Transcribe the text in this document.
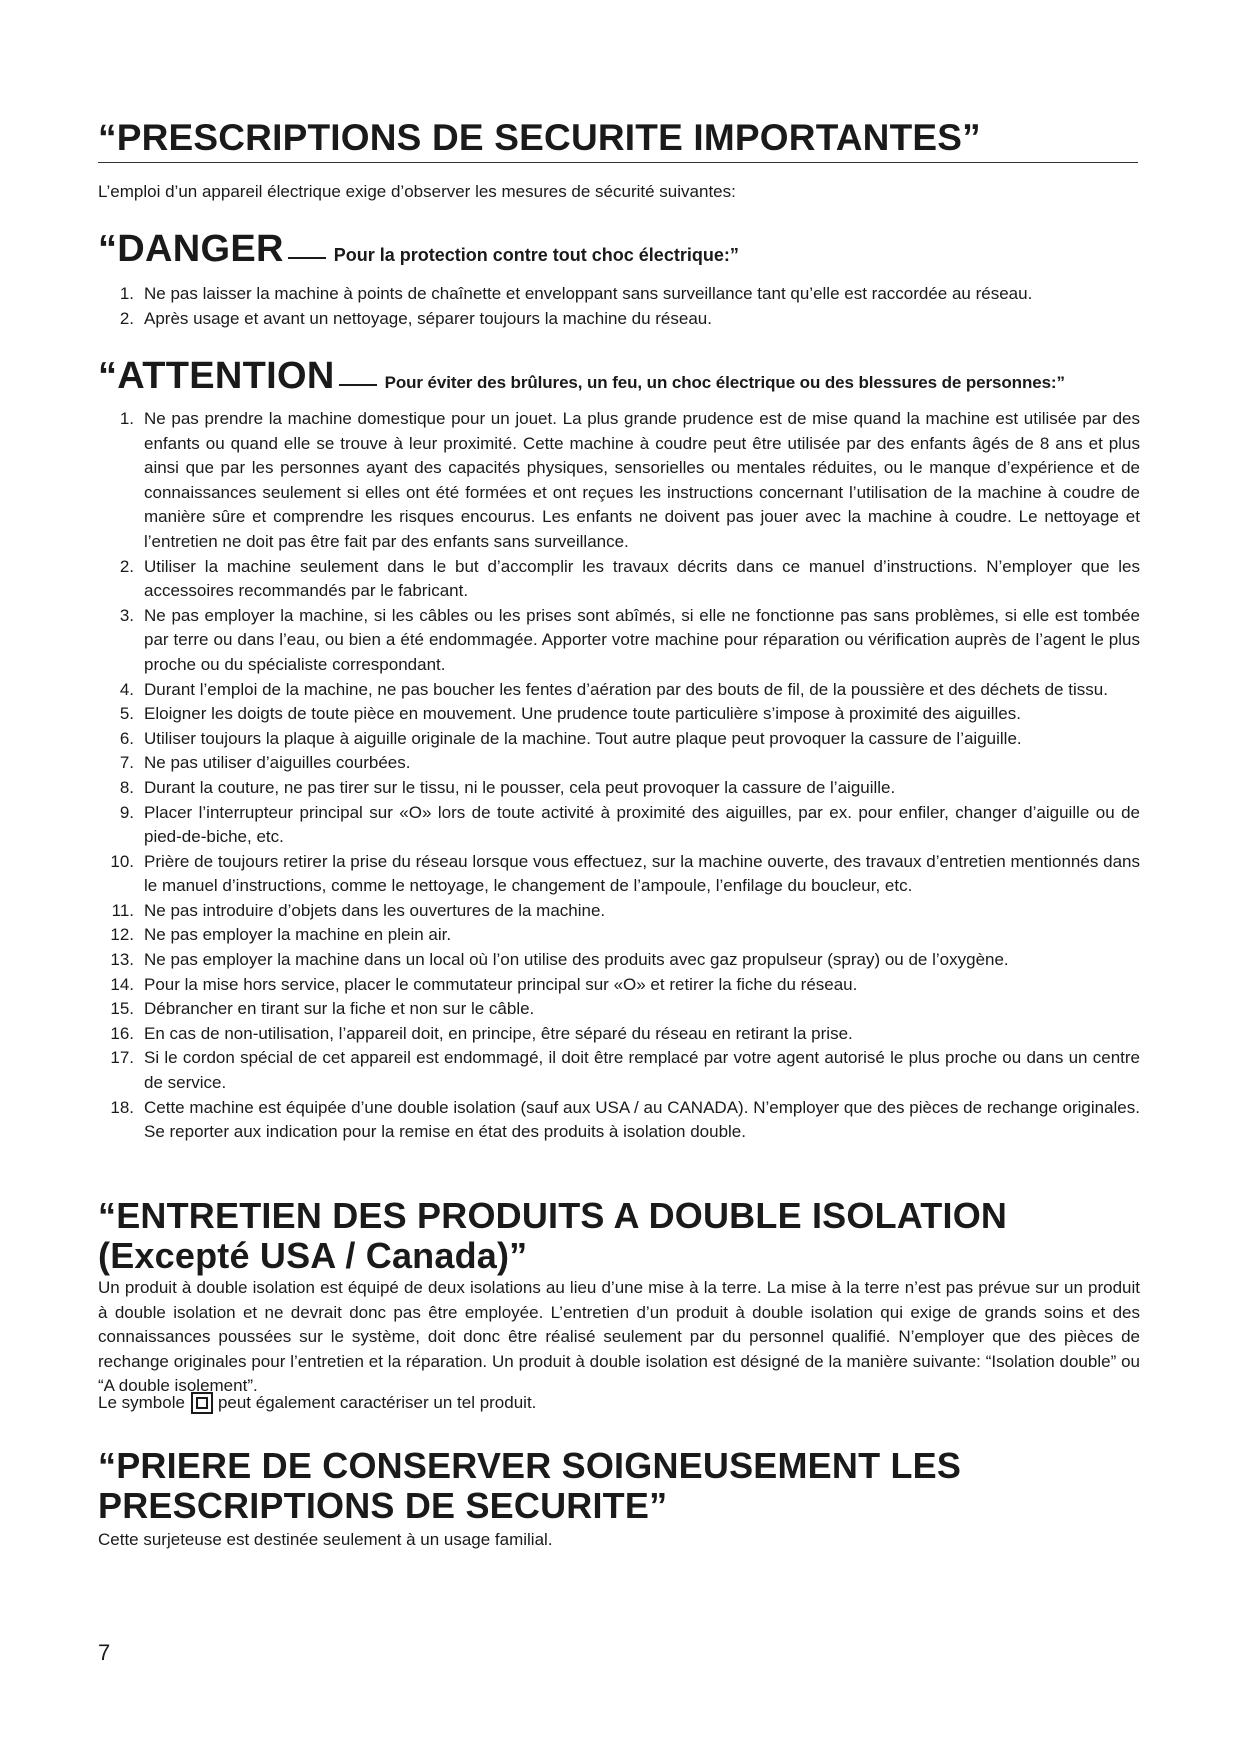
“PRESCRIPTIONS DE SECURITE IMPORTANTES”

L’emploi d’un appareil électrique exige d’observer les mesures de sécurité suivantes:

“DANGER	Pour la protection contre tout choc électrique:”
1. Ne pas laisser la machine à points de chaînette et enveloppant sans surveillance tant qu’elle est raccordée au réseau.
2. Après usage et avant un nettoyage, séparer toujours la machine du réseau.
“ATTENTION	Pour éviter des brûlures, un feu, un choc électrique ou des blessures de personnes:”
1. Ne pas prendre la machine domestique pour un jouet. La plus grande prudence est de mise quand la machine est utilisée par des enfants ou quand elle se trouve à leur proximité. Cette machine à coudre peut être utilisée par des enfants âgés de 8 ans et plus ainsi que par les personnes ayant des capacités physiques, sensorielles ou mentales réduites, ou le manque d’expérience et de connaissances seulement si elles ont été formées et ont reçues les instructions concernant l’utilisation de la machine à coudre de manière sûre et comprendre les risques encourus. Les enfants ne doivent pas jouer avec la machine à coudre. Le nettoyage et l’entretien ne doit pas être fait par des enfants sans surveillance.
2. Utiliser la machine seulement dans le but d’accomplir les travaux décrits dans ce manuel d’instructions. N’employer que les accessoires recommandés par le fabricant.
3. Ne pas employer la machine, si les câbles ou les prises sont abîmés, si elle ne fonctionne pas sans problèmes, si elle est tombée par terre ou dans l’eau, ou bien a été endommagée. Apporter votre machine pour réparation ou vérification auprès de l’agent le plus proche ou du spécialiste correspondant.
4. Durant l’emploi de la machine, ne pas boucher les fentes d’aération par des bouts de fil, de la poussière et des déchets de tissu.
5. Eloigner les doigts de toute pièce en mouvement. Une prudence toute particulière s’impose à proximité des aiguilles.
6. Utiliser toujours la plaque à aiguille originale de la machine. Tout autre plaque peut provoquer la cassure de l’aiguille.
7. Ne pas utiliser d’aiguilles courbées.
8. Durant la couture, ne pas tirer sur le tissu, ni le pousser, cela peut provoquer la cassure de l’aiguille.
9. Placer l’interrupteur principal sur «O» lors de toute activité à proximité des aiguilles, par ex. pour enfiler, changer d’aiguille ou de pied-de-biche, etc.
10. Prière de toujours retirer la prise du réseau lorsque vous effectuez, sur la machine ouverte, des travaux d’entretien mentionnés dans le manuel d’instructions, comme le nettoyage, le changement de l’ampoule, l’enfilage du boucleur, etc.
11. Ne pas introduire d’objets dans les ouvertures de la machine.
12. Ne pas employer la machine en plein air.
13. Ne pas employer la machine dans un local où l’on utilise des produits avec gaz propulseur (spray) ou de l’oxygène.
14. Pour la mise hors service, placer le commutateur principal sur «O» et retirer la fiche du réseau.
15. Débrancher en tirant sur la fiche et non sur le câble.
16. En cas de non-utilisation, l’appareil doit, en principe, être séparé du réseau en retirant la prise.
17. Si le cordon spécial de cet appareil est endommagé, il doit être remplacé par votre agent autorisé le plus proche ou dans un centre de service.
18. Cette machine est équipée d’une double isolation (sauf aux USA / au CANADA). N’employer que des pièces de rechange originales. Se reporter aux indication pour la remise en état des produits à isolation double.
“ENTRETIEN DES PRODUITS A DOUBLE ISOLATION (Excepté USA / Canada)”

Un produit à double isolation est équipé de deux isolations au lieu d’une mise à la terre. La mise à la terre n’est pas prévue sur un produit à double isolation et ne devrait donc pas être employée. L’entretien d’un produit à double isolation qui exige de grands soins et des connaissances poussées sur le système, doit donc être réalisé seulement par du personnel qualifié. N’employer que des pièces de rechange originales pour l’entretien et la réparation. Un produit à double isolation est désigné de la manière suivante: “Isolation double” ou “A double isolement”.

Le symbole peut également caractériser un tel produit.
“PRIERE DE CONSERVER SOIGNEUSEMENT LES PRESCRIPTIONS DE SECURITE”

Cette surjeteuse est destinée seulement à un usage familial.

7
